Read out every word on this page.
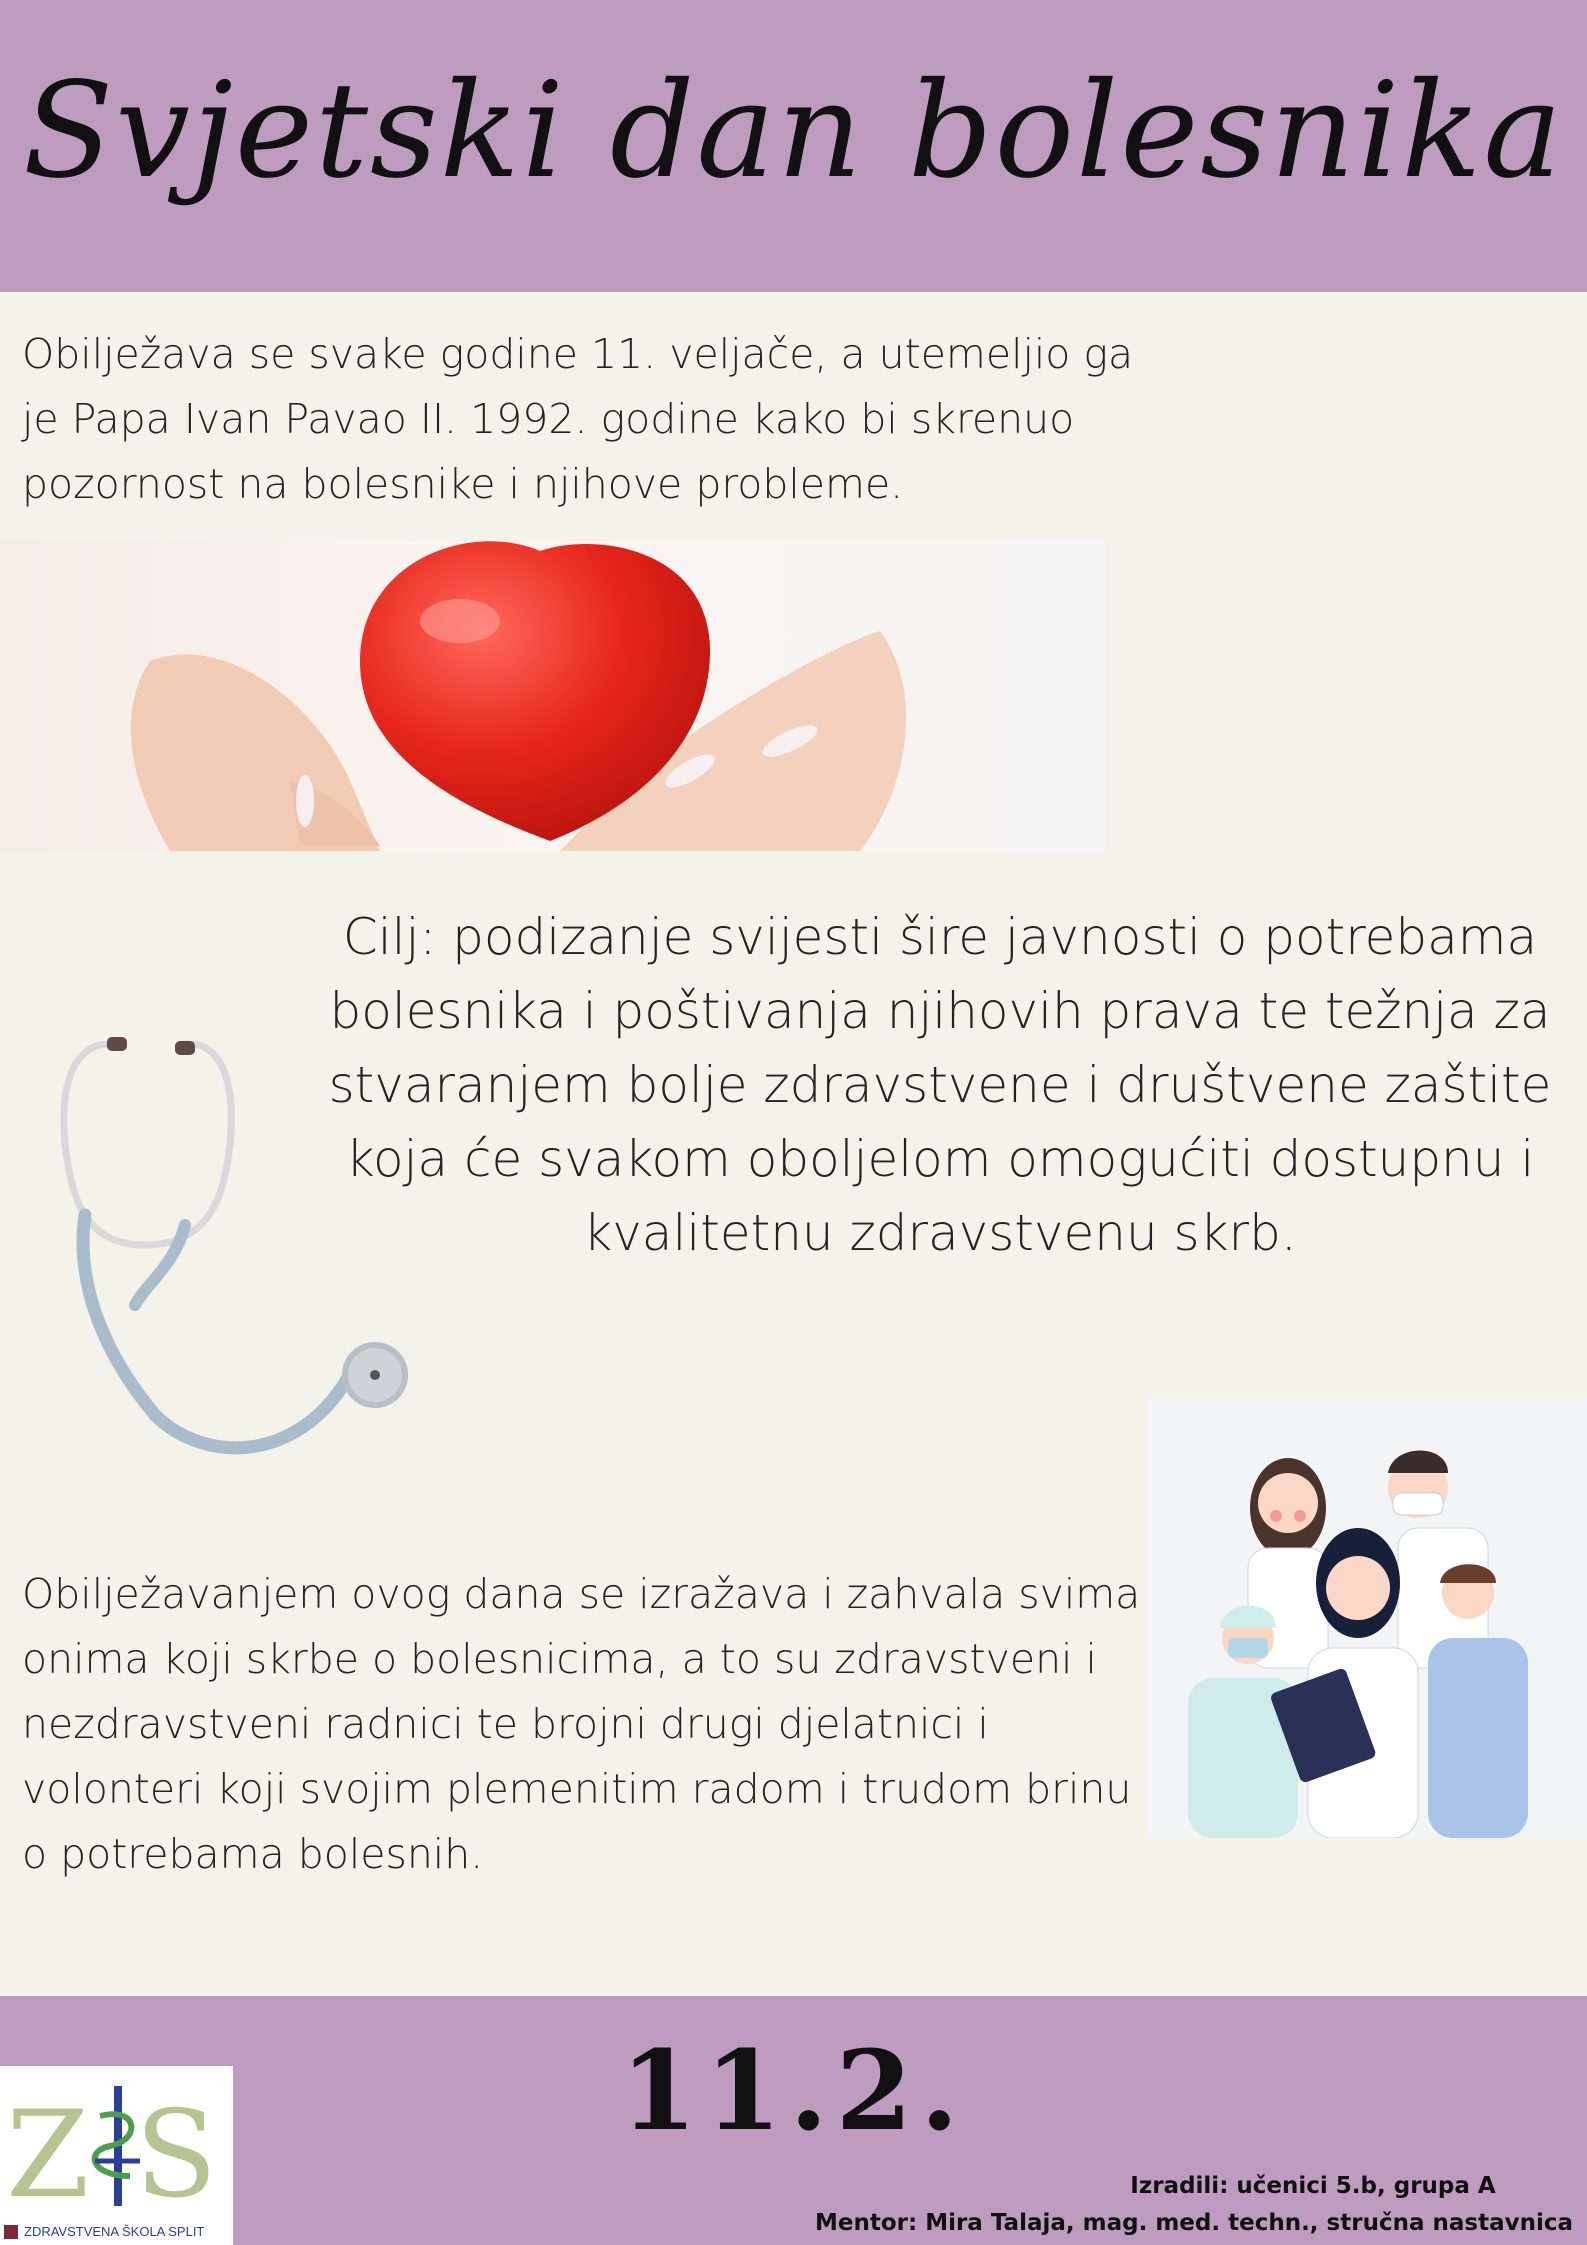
Svjetski dan bolesnika
Obilježava se svake godine 11. veljače, a utemeljio ga je Papa Ivan Pavao II. 1992. godine kako bi skrenuo pozornost na bolesnike i njihove probleme.
Cilj: podizanje svijesti šire javnosti o potrebama bolesnika i poštivanja njihovih prava te težnja za stvaranjem bolje zdravstvene i društvene zaštite koja će svakom oboljelom omogućiti dostupnu i kvalitetnu zdravstvenu skrb.
Obilježavanjem ovog dana se izražava i zahvala svima onima koji skrbe o bolesnicima, a to su zdravstveni i nezdravstveni radnici te brojni drugi djelatnici i volonteri koji svojim plemenitim radom i trudom brinu o potrebama bolesnih.
11.2.
Z S
ZDRAVSTVENA ŠKOLA SPLIT
Izradili: učenici 5.b, grupa A
Mentor: Mira Talaja, mag. med. techn., stručna nastavnica
